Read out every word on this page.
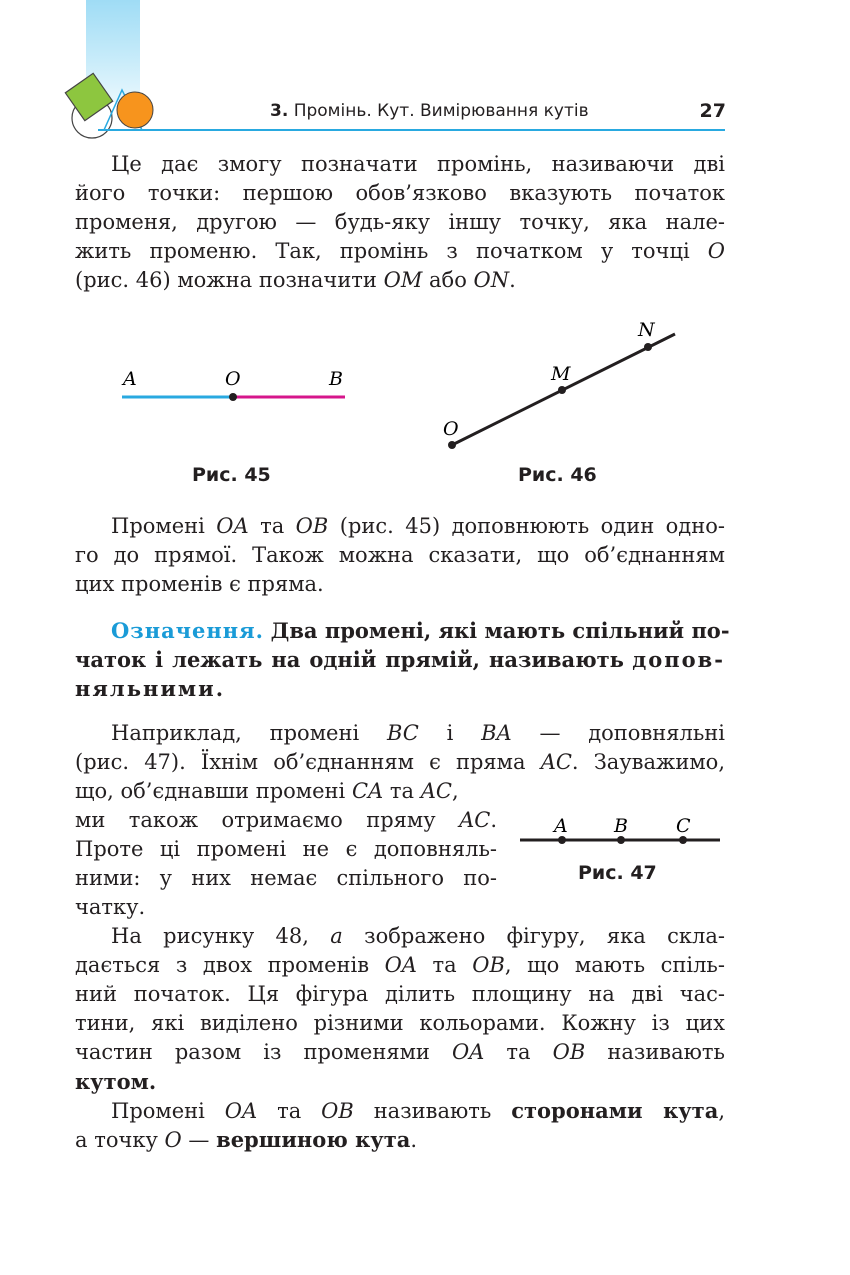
3. Промінь. Кут. Вимірювання кутів	27
Це дає змогу позначати промінь, називаючи дві
його точки: першою обов’язково вказують початок
променя, другою — будь-яку іншу точку, яка нале-
жить променю. Так, промінь з початком у точці O
(рис. 46) можна позначити OM або ON.
A	O	B
Рис. 45
O
M
N
Рис. 46
Промені OA та OB (рис. 45) доповнюють один одно-
го до прямої. Також можна сказати, що об’єднанням
цих променів є пряма.
Означення. Два промені, які мають спільний по-
чаток і лежать на одній прямій, називають допов-
няльними.
Наприклад, промені BC і BA — доповняльні
(рис. 47). Їхнім об’єднанням є пряма AC. Зауважимо,
що, об’єднавши промені CA та AC,
ми також отримаємо пряму AC.
Проте ці промені не є доповняль-
ними: у них немає спільного по-
чатку.
A B	C
Рис. 47
На рисунку 48, а зображено фігуру, яка скла-
дається з двох променів OA та OB, що мають спіль-
ний початок. Ця фігура ділить площину на дві час-
тини, які виділено різними кольорами. Кожну із цих
частин разом із променями OA та OB називають
кутом.
Промені OA та OB називають сторонами кута,
а точку O — вершиною кута.
